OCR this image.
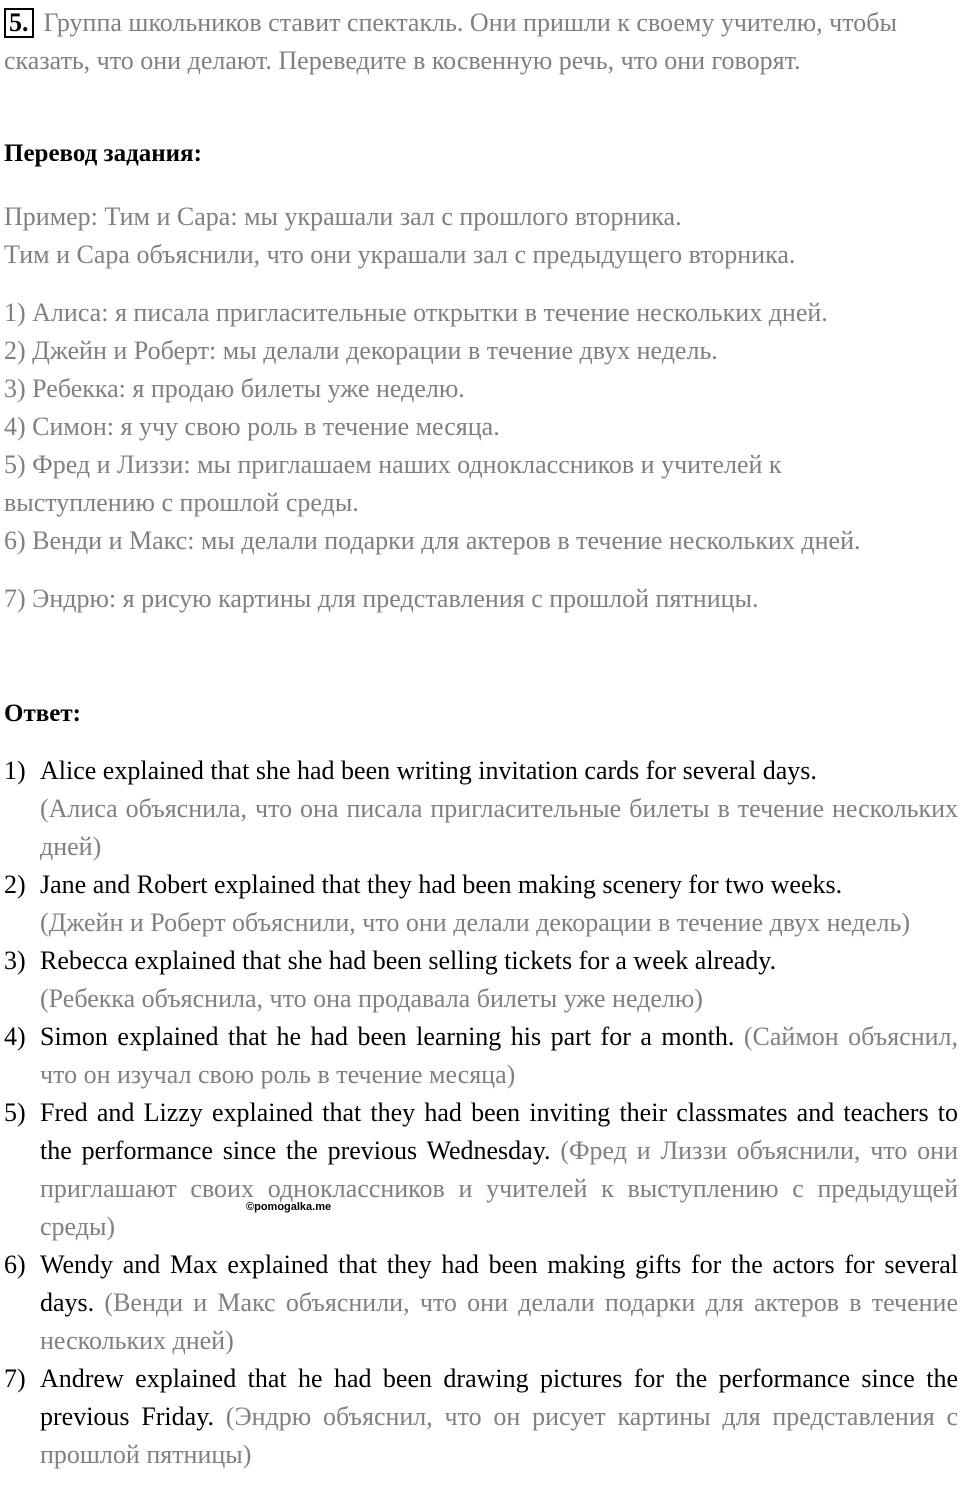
5. Группа школьников ставит спектакль. Они пришли к своему учителю, чтобы сказать, что они делают. Переведите в косвенную речь, что они говорят.
Перевод задания:
Пример: Тим и Сара: мы украшали зал с прошлого вторника.
Тим и Сара объяснили, что они украшали зал с предыдущего вторника.
1) Алиса: я писала пригласительные открытки в течение нескольких дней.
2) Джейн и Роберт: мы делали декорации в течение двух недель.
3) Ребекка: я продаю билеты уже неделю.
4) Симон: я учу свою роль в течение месяца.
5) Фред и Лиззи: мы приглашаем наших одноклассников и учителей к
выступлению с прошлой среды.
6) Венди и Макс: мы делали подарки для актеров в течение нескольких дней.
7) Эндрю: я рисую картины для представления с прошлой пятницы.
Ответ:
1) Alice explained that she had been writing invitation cards for several days.
(Алиса объяснила, что она писала пригласительные билеты в течение нескольких дней)
2) Jane and Robert explained that they had been making scenery for two weeks.
(Джейн и Роберт объяснили, что они делали декорации в течение двух недель)
3) Rebecca explained that she had been selling tickets for a week already.
(Ребекка объяснила, что она продавала билеты уже неделю)
4) Simon explained that he had been learning his part for a month. (Саймон объяснил, что он изучал свою роль в течение месяца)
5) Fred and Lizzy explained that they had been inviting their classmates and teachers to the performance since the previous Wednesday. (Фред и Лиззи объяснили, что они приглашают своих одноклассников и учителей к выступлению с предыдущей среды)
6) Wendy and Max explained that they had been making gifts for the actors for several days. (Венди и Макс объяснили, что они делали подарки для актеров в течение нескольких дней)
7) Andrew explained that he had been drawing pictures for the performance since the previous Friday. (Эндрю объяснил, что он рисует картины для представления с прошлой пятницы)
©pomogalka.me
